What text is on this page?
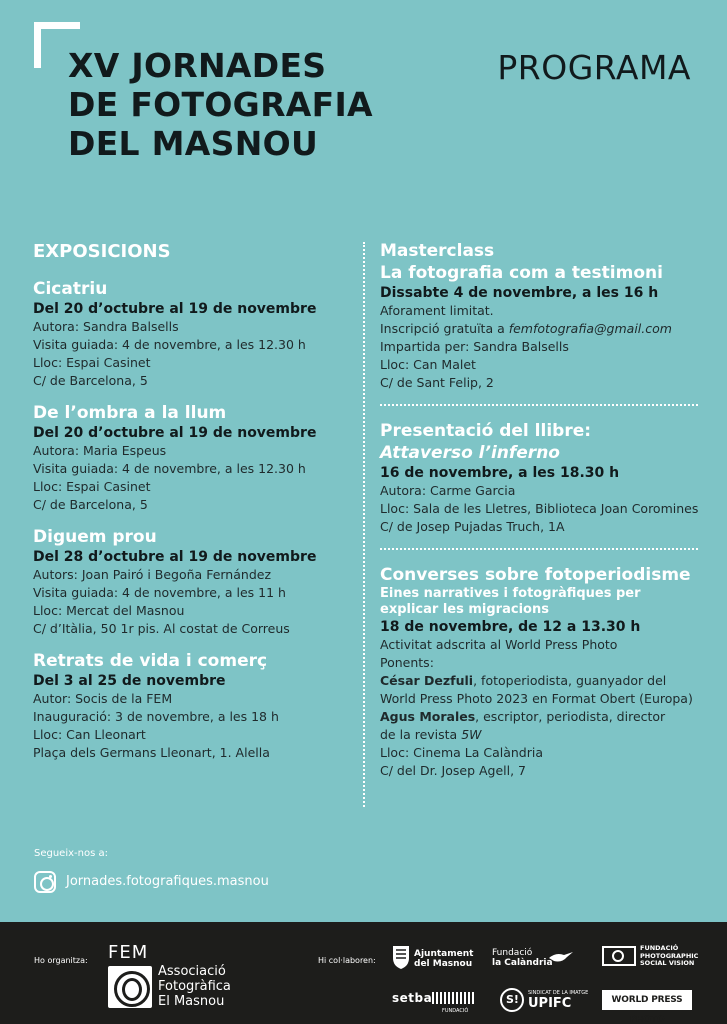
XV JORNADES
DE FOTOGRAFIA
DEL MASNOU
PROGRAMA
EXPOSICIONS
Cicatriu
Del 20 d’octubre al 19 de novembre
Autora: Sandra Balsells
Visita guiada: 4 de novembre, a les 12.30 h
Lloc: Espai Casinet
C/ de Barcelona, 5
De l’ombra a la llum
Del 20 d’octubre al 19 de novembre
Autora: Maria Espeus
Visita guiada: 4 de novembre, a les 12.30 h
Lloc: Espai Casinet
C/ de Barcelona, 5
Diguem prou
Del 28 d’octubre al 19 de novembre
Autors: Joan Pairó i Begoña Fernández
Visita guiada: 4 de novembre, a les 11 h
Lloc: Mercat del Masnou
C/ d’Itàlia, 50 1r pis. Al costat de Correus
Retrats de vida i comerç
Del 3 al 25 de novembre
Autor: Socis de la FEM
Inauguració: 3 de novembre, a les 18 h
Lloc: Can Lleonart
Plaça dels Germans Lleonart, 1. Alella
Masterclass
La fotografia com a testimoni
Dissabte 4 de novembre, a les 16 h
Aforament limitat.
Inscripció gratuïta a femfotografia@gmail.com
Impartida per: Sandra Balsells
Lloc: Can Malet
C/ de Sant Felip, 2
Presentació del llibre:
Attaverso l’inferno
16 de novembre, a les 18.30 h
Autora: Carme Garcia
Lloc: Sala de les Lletres, Biblioteca Joan Coromines
C/ de Josep Pujadas Truch, 1A
Converses sobre fotoperiodisme
Eines narratives i fotogràfiques per
explicar les migracions
18 de novembre, de 12 a 13.30 h
Activitat adscrita al World Press Photo
Ponents:
César Dezfuli, fotoperiodista, guanyador del
World Press Photo 2023 en Format Obert (Europa)
Agus Morales, escriptor, periodista, director
de la revista 5W
Lloc: Cinema La Calàndria
C/ del Dr. Josep Agell, 7
Segueix-nos a:
Jornades.fotografiques.masnou
Ho organitza: FEM
Associació
Fotogràfica
El Masnou
Hi col·laboren:
Ajuntament
del Masnou
Fundació
la Calàndria
FUNDACIÓ
PHOTOGRAPHIC
SOCIAL VISION
setba
FUNDACIÓ
S! SINDICAT DE LA IMATGE
UPIFC	WORLD PRESS PHOTO
